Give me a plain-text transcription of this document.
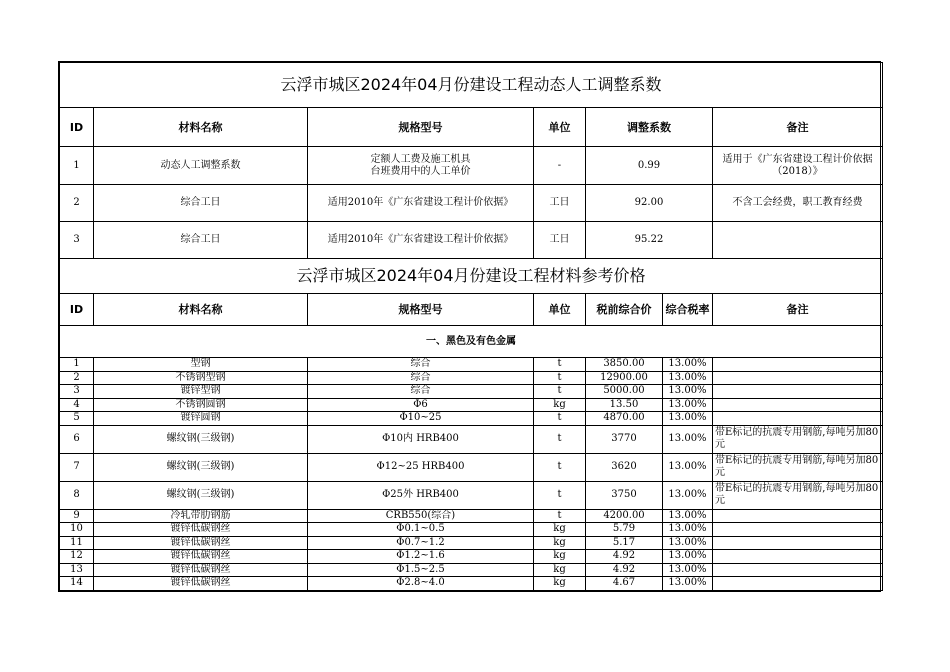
云浮市城区2024年04月份建设工程动态人工调整系数						
ID	材料名称	规格型号	单位	调整系数		备注
1	动态人工调整系数	定额人工费及施工机具
台班费用中的人工单价	-	0.99		适用于《广东省建设工程计价依据（2018）》
2	综合工日	适用2010年《广东省建设工程计价依据》	工日	92.00		不含工会经费，职工教育经费
3	综合工日	适用2010年《广东省建设工程计价依据》	工日	95.22		
云浮市城区2024年04月份建设工程材料参考价格						
ID	材料名称	规格型号	单位	税前综合价	综合税率	备注
一、黑色及有色金属						
1	型钢	综合	t	3850.00	13.00%	
2	不锈钢型钢	综合	t	12900.00	13.00%	
3	镀锌型钢	综合	t	5000.00	13.00%	
4	不锈钢圆钢	Φ6	kg	13.50	13.00%	
5	镀锌圆钢	Φ10~25	t	4870.00	13.00%	
6	螺纹钢(三级钢)	Φ10内 HRB400	t	3770	13.00%	带E标记的抗震专用钢筋,每吨另加80元
7	螺纹钢(三级钢)	Φ12~25 HRB400	t	3620	13.00%	带E标记的抗震专用钢筋,每吨另加80元
8	螺纹钢(三级钢)	Φ25外 HRB400	t	3750	13.00%	带E标记的抗震专用钢筋,每吨另加80元
9	冷轧带肋钢筋	CRB550(综合)	t	4200.00	13.00%	
10	镀锌低碳钢丝	Φ0.1~0.5	kg	5.79	13.00%	
11	镀锌低碳钢丝	Φ0.7~1.2	kg	5.17	13.00%	
12	镀锌低碳钢丝	Φ1.2~1.6	kg	4.92	13.00%	
13	镀锌低碳钢丝	Φ1.5~2.5	kg	4.92	13.00%	
14	镀锌低碳钢丝	Φ2.8~4.0	kg	4.67	13.00%	
